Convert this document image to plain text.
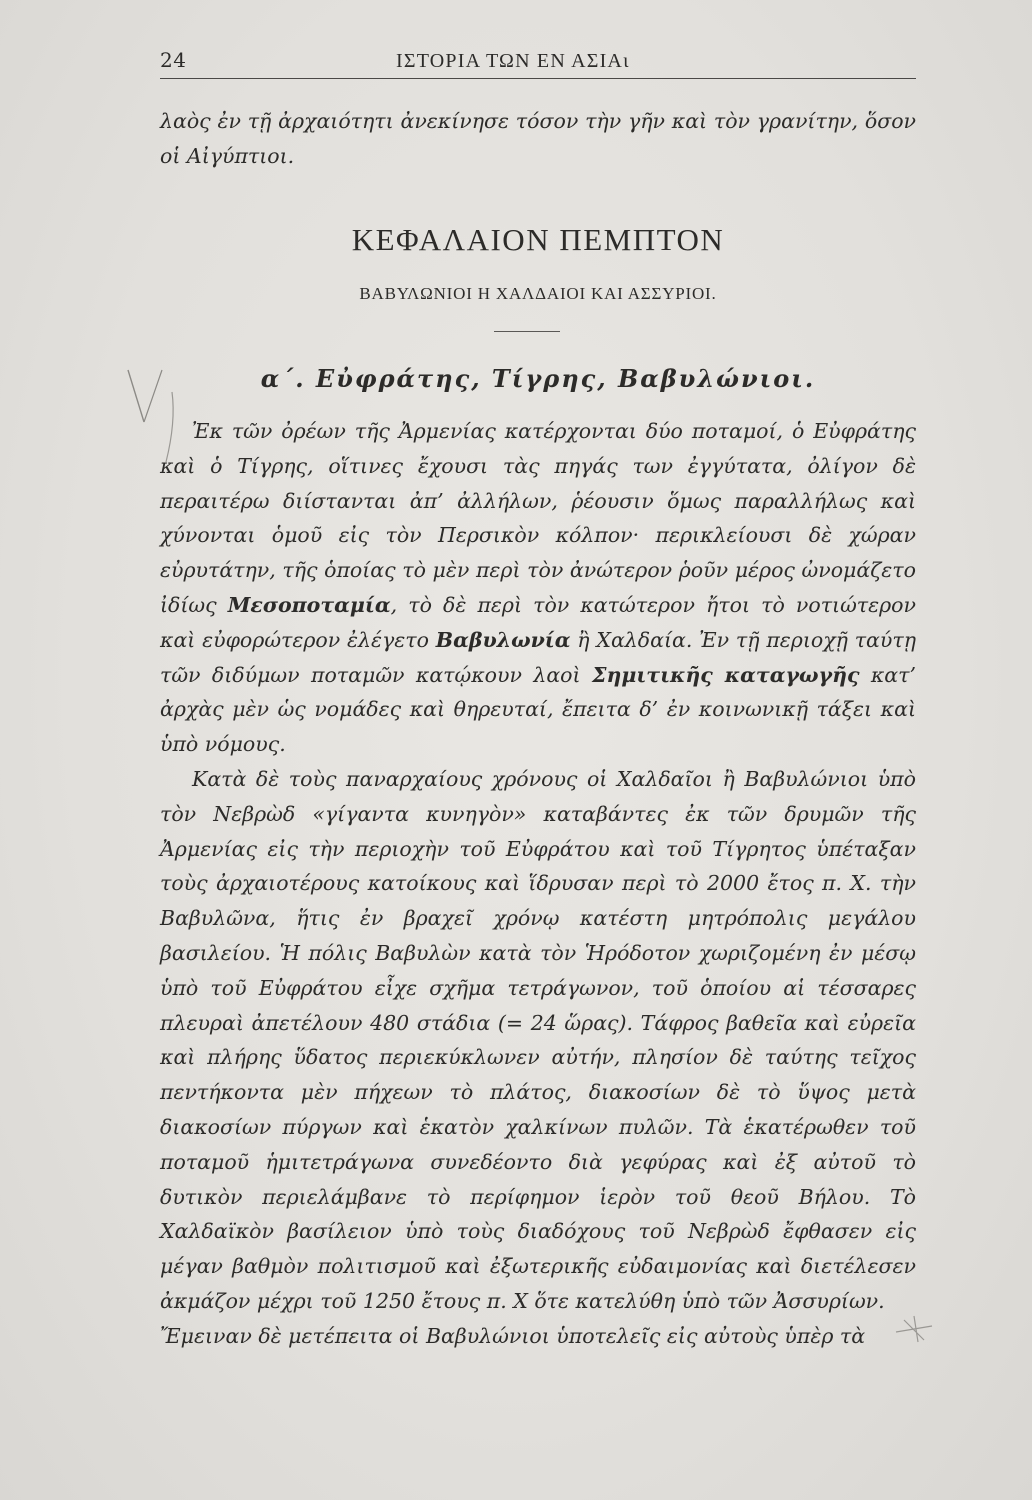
24	ΙΣΤΟΡΙΑ ΤΩΝ ΕΝ ΑΣΙΑι

λαὸς ἐν τῇ ἀρχαιότητι ἀνεκίνησε τόσον τὴν γῆν καὶ τὸν γρανίτην, ὅσον οἱ Αἰγύπτιοι.

ΚΕΦΑΛΑΙΟΝ ΠΕΜΠΤΟΝ
ΒΑΒΥΛΩΝΙΟΙ Η ΧΑΛΔΑΙΟΙ ΚΑΙ ΑΣΣΥΡΙΟΙ.
α΄. Εὐφράτης, Τίγρης, Βαβυλώνιοι.

Ἐκ τῶν ὀρέων τῆς Ἀρμενίας κατέρχονται δύο ποταμοί, ὁ Εὐφράτης καὶ ὁ Τίγρης, οἵτινες ἔχουσι τὰς πηγάς των ἐγγύτατα, ὀλίγον δὲ περαιτέρω διίστανται ἀπ’ ἀλλήλων, ῥέουσιν ὅμως παραλλήλως καὶ χύνονται ὁμοῦ εἰς τὸν Περσικὸν κόλπον· περικλείουσι δὲ χώραν εὐρυτάτην, τῆς ὁποίας τὸ μὲν περὶ τὸν ἀνώτερον ῥοῦν μέρος ὠνομάζετο ἰδίως Μεσοποταμία, τὸ δὲ περὶ τὸν κατώτερον ἤτοι τὸ νοτιώτερον καὶ εὐφορώτερον ἐλέγετο Βαβυλωνία ἢ Χαλδαία. Ἐν τῇ περιοχῇ ταύτῃ τῶν διδύμων ποταμῶν κατῴκουν λαοὶ Σημιτικῆς καταγωγῆς κατ’ ἀρχὰς μὲν ὡς νομάδες καὶ θηρευταί, ἔπειτα δ’ ἐν κοινωνικῇ τάξει καὶ ὑπὸ νόμους.

Κατὰ δὲ τοὺς παναρχαίους χρόνους οἱ Χαλδαῖοι ἢ Βαβυλώνιοι ὑπὸ τὸν Νεβρὼδ «γίγαντα κυνηγὸν» καταβάντες ἐκ τῶν δρυμῶν τῆς Ἀρμενίας εἰς τὴν περιοχὴν τοῦ Εὐφράτου καὶ τοῦ Τίγρητος ὑπέταξαν τοὺς ἀρχαιοτέρους κατοίκους καὶ ἵδρυσαν περὶ τὸ 2000 ἔτος π. Χ. τὴν Βαβυλῶνα, ἥτις ἐν βραχεῖ χρόνῳ κατέστη μητρόπολις μεγάλου βασιλείου. Ἡ πόλις Βαβυλὼν κατὰ τὸν Ἡρόδοτον χωριζομένη ἐν μέσῳ ὑπὸ τοῦ Εὐφράτου εἶχε σχῆμα τετράγωνον, τοῦ ὁποίου αἱ τέσσαρες πλευραὶ ἀπετέλουν 480 στάδια (= 24 ὥρας). Τάφρος βαθεῖα καὶ εὐρεῖα καὶ πλήρης ὕδατος περιεκύκλωνεν αὐτήν, πλησίον δὲ ταύτης τεῖχος πεντήκοντα μὲν πήχεων τὸ πλάτος, διακοσίων δὲ τὸ ὕψος μετὰ διακοσίων πύργων καὶ ἑκατὸν χαλκίνων πυλῶν. Τὰ ἑκατέρωθεν τοῦ ποταμοῦ ἡμιτετράγωνα συνεδέοντο διὰ γεφύρας καὶ ἐξ αὐτοῦ τὸ δυτικὸν περιελάμβανε τὸ περίφημον ἱερὸν τοῦ θεοῦ Βήλου. Τὸ Χαλδαϊκὸν βασίλειον ὑπὸ τοὺς διαδόχους τοῦ Νεβρὼδ ἔφθασεν εἰς μέγαν βαθμὸν πολιτισμοῦ καὶ ἐξωτερικῆς εὐδαιμονίας καὶ διετέλεσεν ἀκμάζον μέχρι τοῦ 1250 ἔτους π. Χ ὅτε κατελύθη ὑπὸ τῶν Ἀσσυρίων.

Ἔμειναν δὲ μετέπειτα οἱ Βαβυλώνιοι ὑποτελεῖς εἰς αὐτοὺς ὑπὲρ τὰ
